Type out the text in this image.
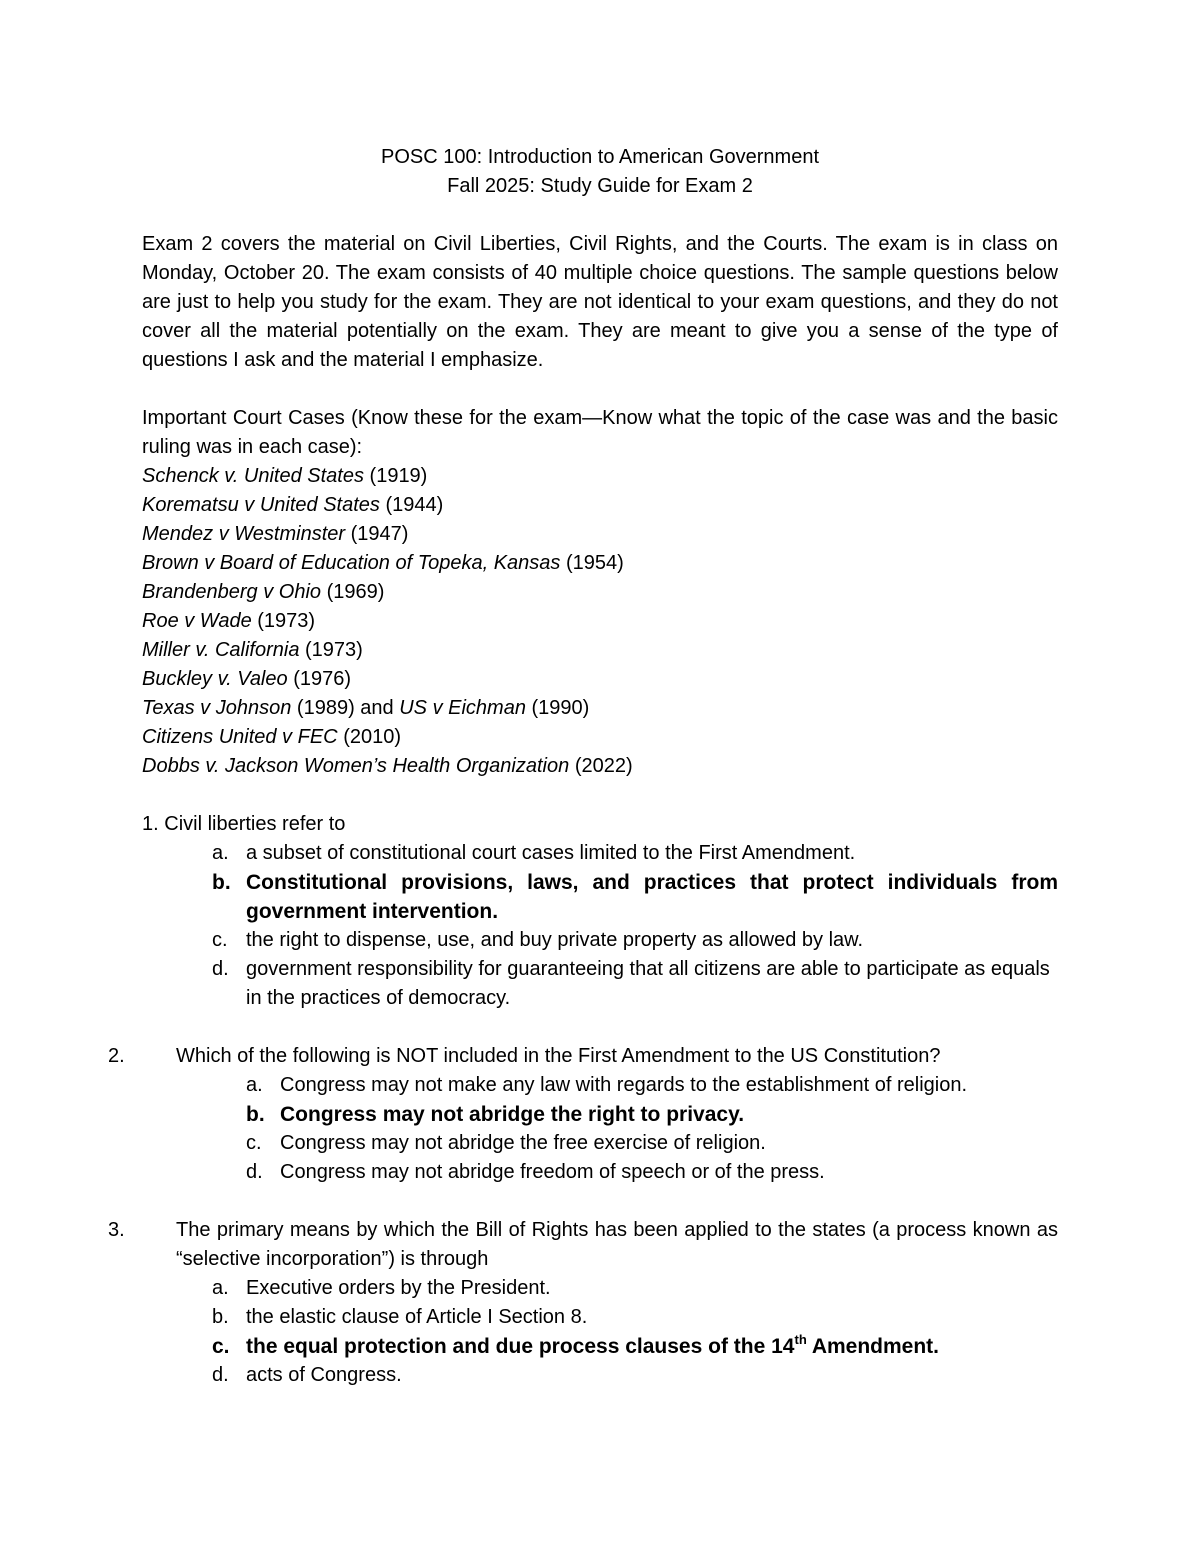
POSC 100: Introduction to American Government
Fall 2025: Study Guide for Exam 2
Exam 2 covers the material on Civil Liberties, Civil Rights, and the Courts. The exam is in class on Monday, October 20. The exam consists of 40 multiple choice questions. The sample questions below are just to help you study for the exam. They are not identical to your exam questions, and they do not cover all the material potentially on the exam. They are meant to give you a sense of the type of questions I ask and the material I emphasize.
Important Court Cases (Know these for the exam—Know what the topic of the case was and the basic ruling was in each case):
Schenck v. United States (1919)
Korematsu v United States (1944)
Mendez v Westminster (1947)
Brown v Board of Education of Topeka, Kansas (1954)
Brandenberg v Ohio (1969)
Roe v Wade (1973)
Miller v. California (1973)
Buckley v. Valeo (1976)
Texas v Johnson (1989) and US v Eichman (1990)
Citizens United v FEC (2010)
Dobbs v. Jackson Women’s Health Organization (2022)
1. Civil liberties refer to
a. a subset of constitutional court cases limited to the First Amendment.
b. Constitutional provisions, laws, and practices that protect individuals from government intervention.
c. the right to dispense, use, and buy private property as allowed by law.
d. government responsibility for guaranteeing that all citizens are able to participate as equals in the practices of democracy.
2.	Which of the following is NOT included in the First Amendment to the US Constitution?
a. Congress may not make any law with regards to the establishment of religion.
b. Congress may not abridge the right to privacy.
c. Congress may not abridge the free exercise of religion.
d. Congress may not abridge freedom of speech or of the press.
3.	The primary means by which the Bill of Rights has been applied to the states (a process known as “selective incorporation”) is through
a. Executive orders by the President.
b. the elastic clause of Article I Section 8.
c. the equal protection and due process clauses of the 14th Amendment.
d. acts of Congress.
